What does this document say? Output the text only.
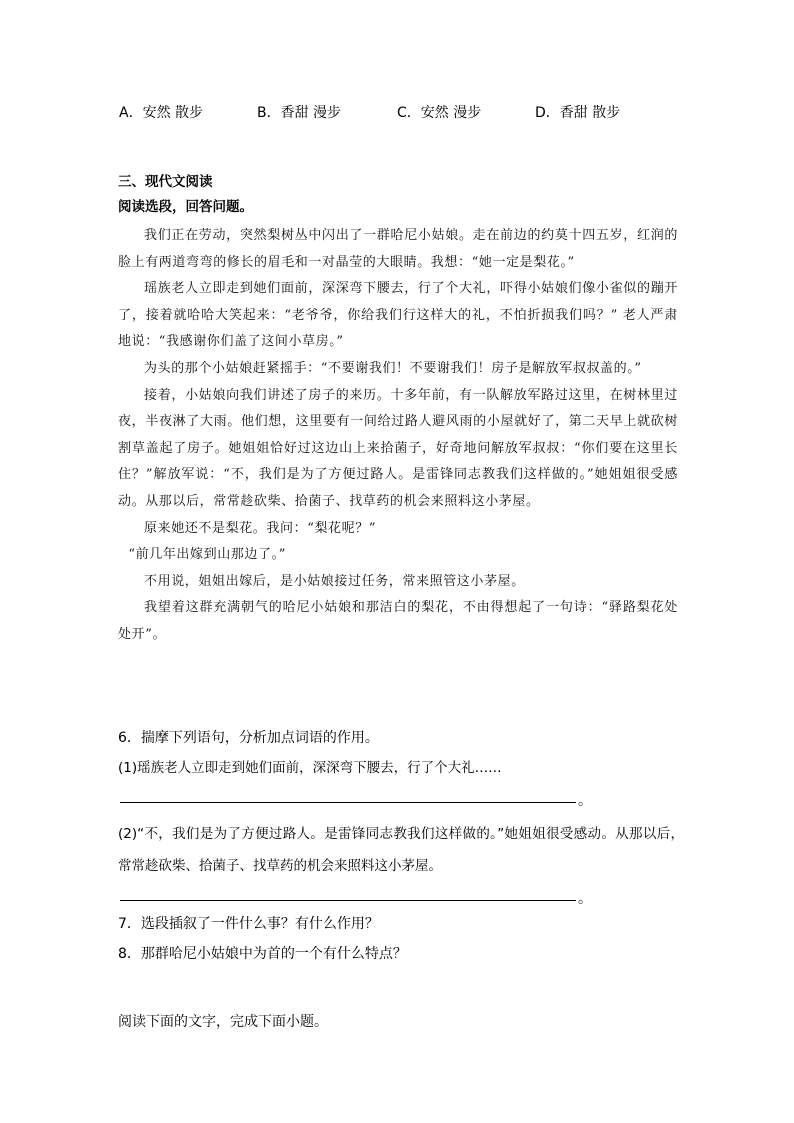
A．安然 散步	B．香甜 漫步	C．安然 漫步	D．香甜 散步
三、现代文阅读
阅读选段，回答问题。

我们正在劳动，突然梨树丛中闪出了一群哈尼小姑娘。走在前边的约莫十四五岁，红润的脸上有两道弯弯的修长的眉毛和一对晶莹的大眼睛。我想：“她一定是梨花。”

瑶族老人立即走到她们面前，深深弯下腰去，行了个大礼，吓得小姑娘们像小雀似的蹦开了，接着就哈哈大笑起来：“老爷爷，你给我们行这样大的礼，不怕折损我们吗？” 老人严肃地说：“我感谢你们盖了这间小草房。”

为头的那个小姑娘赶紧摇手：“不要谢我们！不要谢我们！房子是解放军叔叔盖的。”

接着，小姑娘向我们讲述了房子的来历。十多年前，有一队解放军路过这里，在树林里过夜，半夜淋了大雨。他们想，这里要有一间给过路人避风雨的小屋就好了，第二天早上就砍树割草盖起了房子。她姐姐恰好过这边山上来拾菌子，好奇地问解放军叔叔：“你们要在这里长住？”解放军说：“不，我们是为了方便过路人。是雷锋同志教我们这样做的。”她姐姐很受感动。从那以后，常常趁砍柴、拾菌子、找草药的机会来照料这小茅屋。

原来她还不是梨花。我问：“梨花呢？”

“前几年出嫁到山那边了。”

不用说，姐姐出嫁后，是小姑娘接过任务，常来照管这小茅屋。

我望着这群充满朝气的哈尼小姑娘和那洁白的梨花，不由得想起了一句诗：“驿路梨花处处开”。

6．揣摩下列语句，分析加点词语的作用。
(1)瑶族老人立即走到她们面前，深深弯下腰去，行了个大礼……
。
(2)“不，我们是为了方便过路人。是雷锋同志教我们这样做的。”她姐姐很受感动。从那以后，常常趁砍柴、拾菌子、找草药的机会来照料这小茅屋。
。
7．选段插叙了一件什么事？有什么作用？
8．那群哈尼小姑娘中为首的一个有什么特点？
阅读下面的文字，完成下面小题。
